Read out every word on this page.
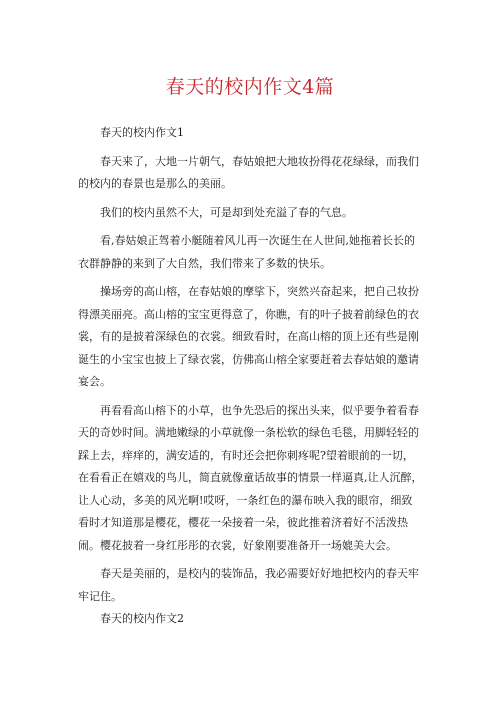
春天的校内作文4篇

春天的校内作文1

春天来了，大地一片朝气，春姑娘把大地妆扮得花花绿绿，而我们的校内的春景也是那么的美丽。

我们的校内虽然不大，可是却到处充溢了春的气息。

看,春姑娘正驾着小艇随着风儿再一次诞生在人世间,她拖着长长的衣群静静的来到了大自然，我们带来了多数的快乐。

操场旁的高山榕，在春姑娘的摩挲下，突然兴奋起来，把自己妆扮得漂美丽亮。高山榕的宝宝更得意了，你瞧，有的叶子披着前绿色的衣裳，有的是披着深绿色的衣裳。细致看时，在高山榕的顶上还有些是刚诞生的小宝宝也披上了绿衣裳，仿佛高山榕全家要赶着去春姑娘的邀请宴会。

再看看高山榕下的小草，也争先恐后的探出头来，似乎要争着看春天的奇妙时间。满地嫩绿的小草就像一条松软的绿色毛毯，用脚轻轻的踩上去，痒痒的，满安适的，有时还会把你刺疼呢?望着眼前的一切，在看看正在嬉戏的鸟儿，简直就像童话故事的情景一样逼真,让人沉醉，让人心动，多美的风光啊!哎呀，一条红色的瀑布映入我的眼帘，细致看时才知道那是樱花，樱花一朵接着一朵，彼此推着济着好不活泼热闹。樱花披着一身红彤彤的衣裳，好象刚要准备开一场媲美大会。

春天是美丽的，是校内的装饰品，我必需要好好地把校内的春天牢牢记住。

春天的校内作文2
